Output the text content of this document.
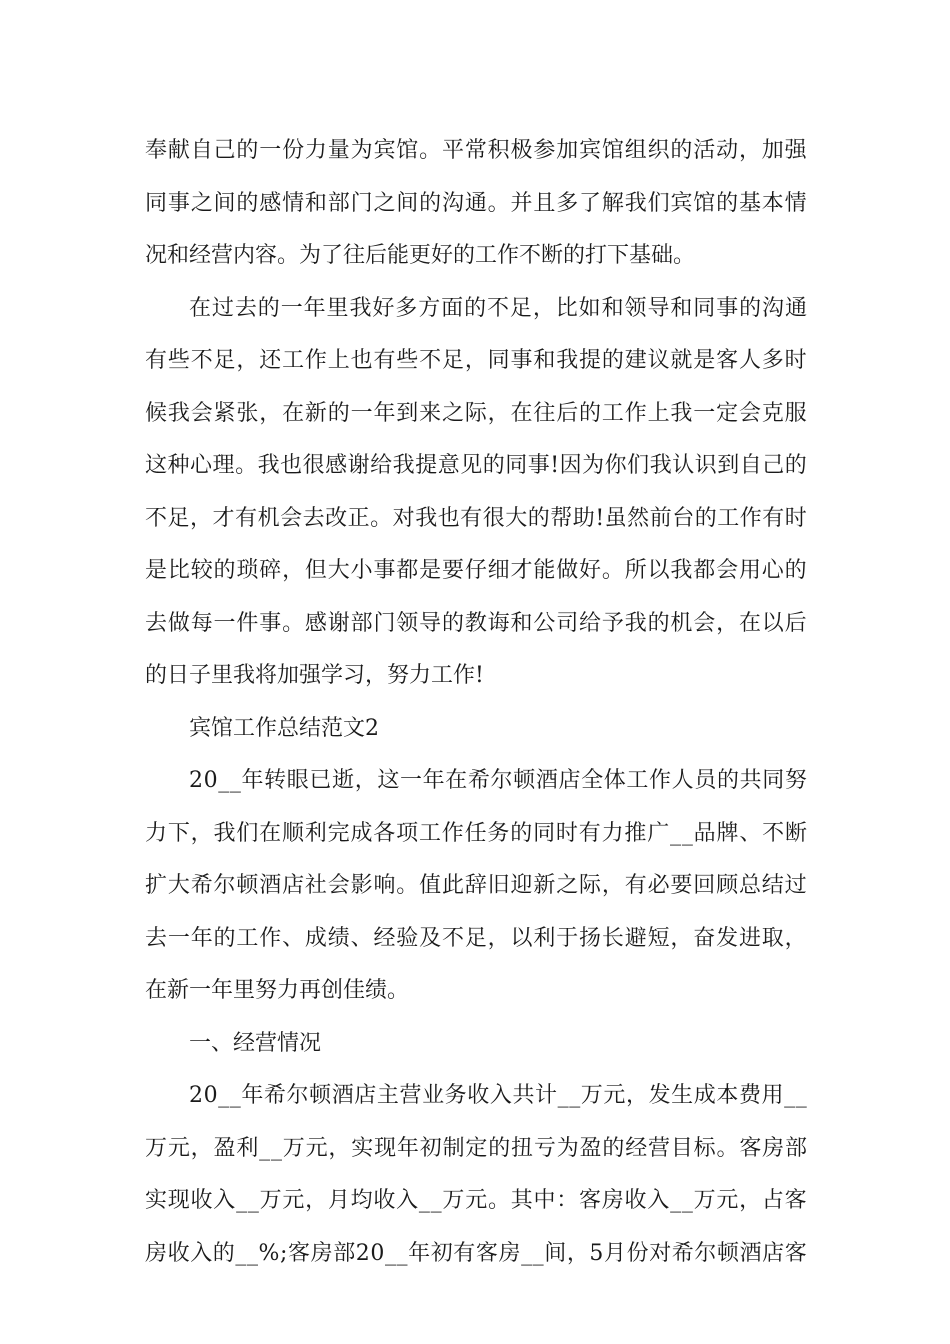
奉 献 自 己 的 一 份 力 量 为 宾 馆 。 平 常 积 极 参 加 宾 馆 组 织 的 活 动 ， 加 强
同 事 之 间 的 感 情 和 部 门 之 间 的 沟 通 。 并 且 多 了 解 我 们 宾 馆 的 基 本 情
况和经营内容。为了往后能更好的工作不断的打下基础。
在 过 去 的 一 年 里 我 好 多 方 面 的 不 足 ， 比 如 和 领 导 和 同 事 的 沟 通
有 些 不 足 ， 还 工 作 上 也 有 些 不 足 ， 同 事 和 我 提 的 建 议 就 是 客 人 多 时
候 我 会 紧 张 ， 在 新 的 一 年 到 来 之 际 ， 在 往 后 的 工 作 上 我 一 定 会 克 服
这 种 心 理 。 我 也 很 感 谢 给 我 提 意 见 的 同 事 ! 因 为 你 们 我 认 识 到 自 己 的
不 足 ， 才 有 机 会 去 改 正 。 对 我 也 有 很 大 的 帮 助 ! 虽 然 前 台 的 工 作 有 时
是 比 较 的 琐 碎 ， 但 大 小 事 都 是 要 仔 细 才 能 做 好 。 所 以 我 都 会 用 心 的
去 做 每 一 件 事 。 感 谢 部 门 领 导 的 教 诲 和 公 司 给 予 我 的 机 会 ， 在 以 后
的日子里我将加强学习，努力工作!
宾馆工作总结范文2
2 0 _ _ 年 转 眼 已 逝 ， 这 一 年 在 希 尔 顿 酒 店 全 体 工 作 人 员 的 共 同 努
力 下 ， 我 们 在 顺 利 完 成 各 项 工 作 任 务 的 同 时 有 力 推 广 _ _ 品 牌 、 不 断
扩 大 希 尔 顿 酒 店 社 会 影 响 。 值 此 辞 旧 迎 新 之 际 ， 有 必 要 回 顾 总 结 过
去 一 年 的 工 作 、 成 绩 、 经 验 及 不 足 ， 以 利 于 扬 长 避 短 ， 奋 发 进 取 ，
在新一年里努力再创佳绩。
一、经营情况
2 0 _ _ 年 希 尔 顿 酒 店 主 营 业 务 收 入 共 计 _ _ 万 元 ， 发 生 成 本 费 用 _ _
万 元 ， 盈 利 _ _ 万 元 ， 实 现 年 初 制 定 的 扭 亏 为 盈 的 经 营 目 标 。 客 房 部
实 现 收 入 _ _ 万 元 ， 月 均 收 入 _ _ 万 元 。 其 中 ： 客 房 收 入 _ _ 万 元 ， 占 客
房 收 入 的 _ _ % ; 客 房 部 2 0 _ _ 年 初 有 客 房 _ _ 间 ， 5 月 份 对 希 尔 顿 酒 店 客
